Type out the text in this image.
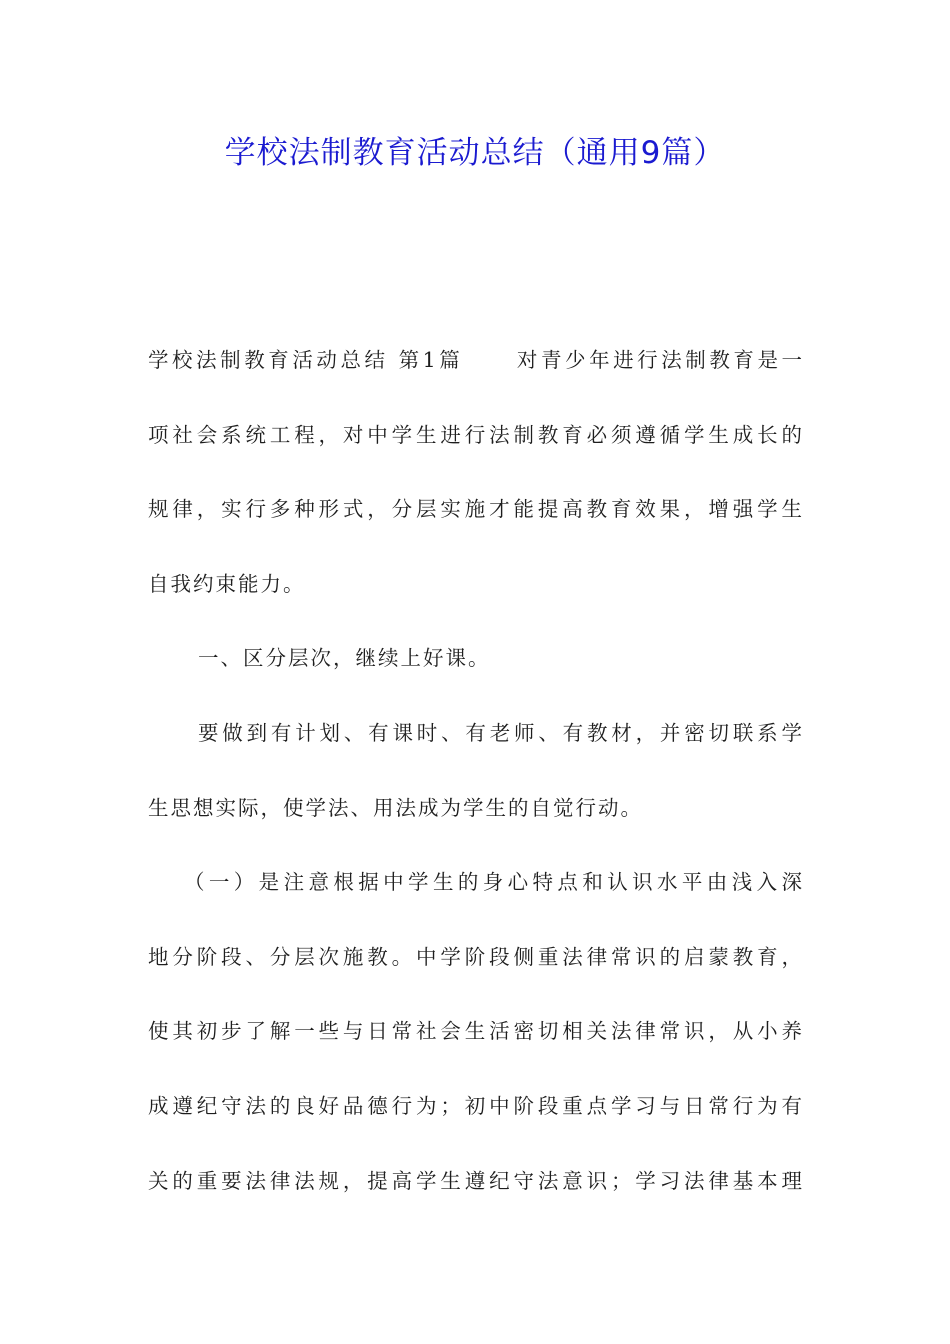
学校法制教育活动总结（通用9篇）
学校法制教育活动总结 第1篇	对青少年进行法制教育是一
项社会系统工程，对中学生进行法制教育必须遵循学生成长的
规律，实行多种形式，分层实施才能提高教育效果，增强学生
自我约束能力。
一、区分层次，继续上好课。
要做到有计划、有课时、有老师、有教材，并密切联系学
生思想实际，使学法、用法成为学生的自觉行动。
（一）是注意根据中学生的身心特点和认识水平由浅入深
地分阶段、分层次施教。中学阶段侧重法律常识的启蒙教育，
使其初步了解一些与日常社会生活密切相关法律常识，从小养
成遵纪守法的良好品德行为；初中阶段重点学习与日常行为有
关的重要法律法规，提高学生遵纪守法意识；学习法律基本理
